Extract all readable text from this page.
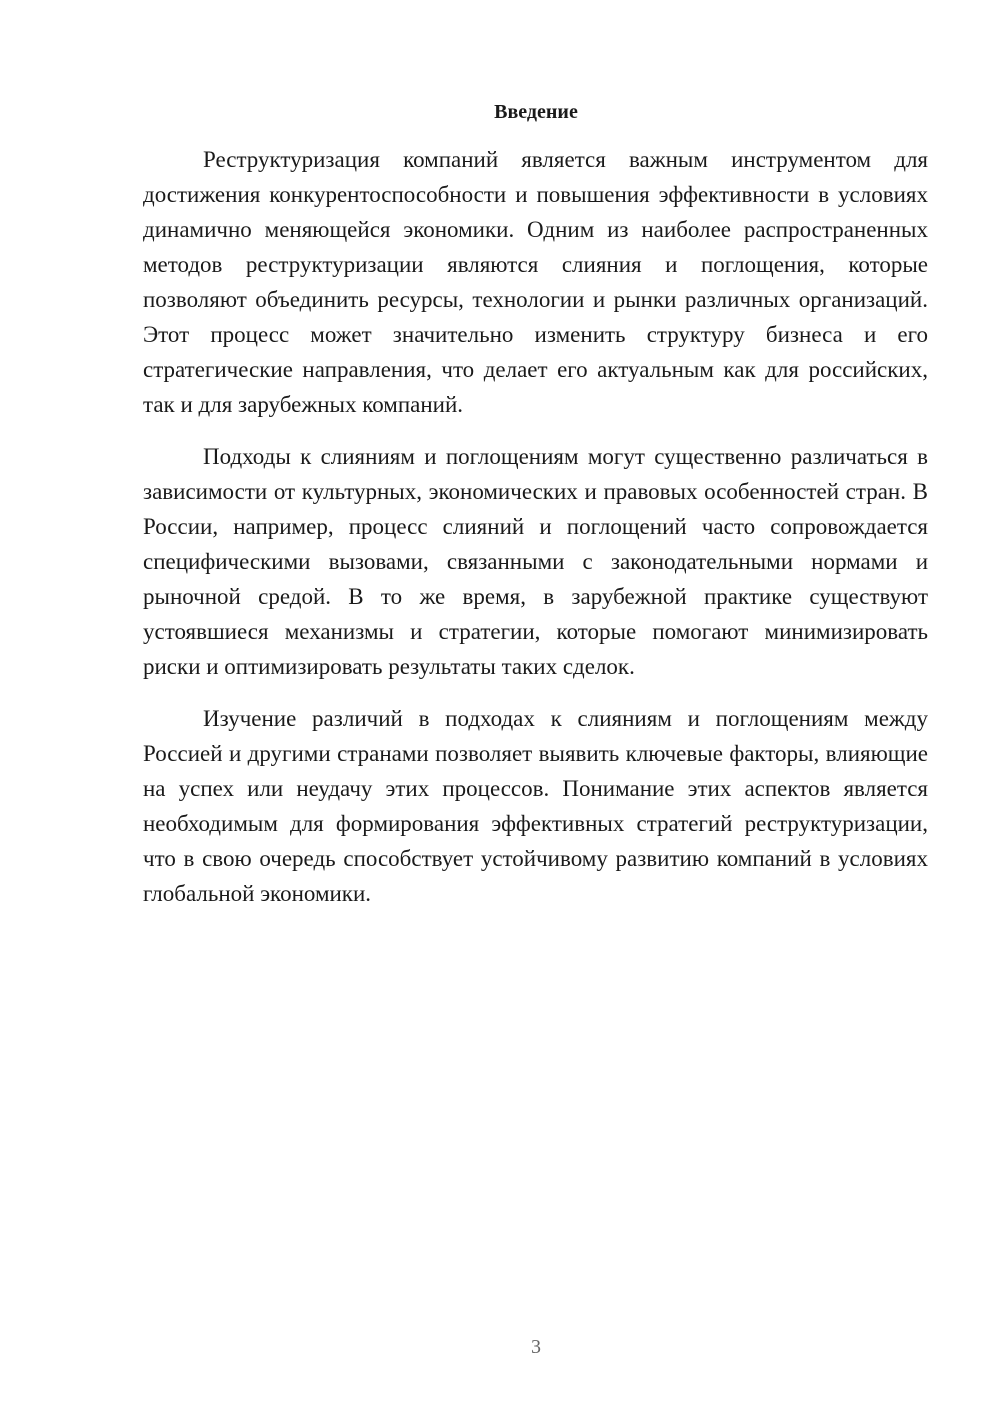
Введение

Реструктуризация компаний является важным инструментом для достижения конкурентоспособности и повышения эффективности в условиях динамично меняющейся экономики. Одним из наиболее распространенных методов реструктуризации являются слияния и поглощения, которые позволяют объединить ресурсы, технологии и рынки различных организаций. Этот процесс может значительно изменить структуру бизнеса и его стратегические направления, что делает его актуальным как для российских, так и для зарубежных компаний.

Подходы к слияниям и поглощениям могут существенно различаться в зависимости от культурных, экономических и правовых особенностей стран. В России, например, процесс слияний и поглощений часто сопровождается специфическими вызовами, связанными с законодательными нормами и рыночной средой. В то же время, в зарубежной практике существуют устоявшиеся механизмы и стратегии, которые помогают минимизировать риски и оптимизировать результаты таких сделок.

Изучение различий в подходах к слияниям и поглощениям между Россией и другими странами позволяет выявить ключевые факторы, влияющие на успех или неудачу этих процессов. Понимание этих аспектов является необходимым для формирования эффективных стратегий реструктуризации, что в свою очередь способствует устойчивому развитию компаний в условиях глобальной экономики.

3
